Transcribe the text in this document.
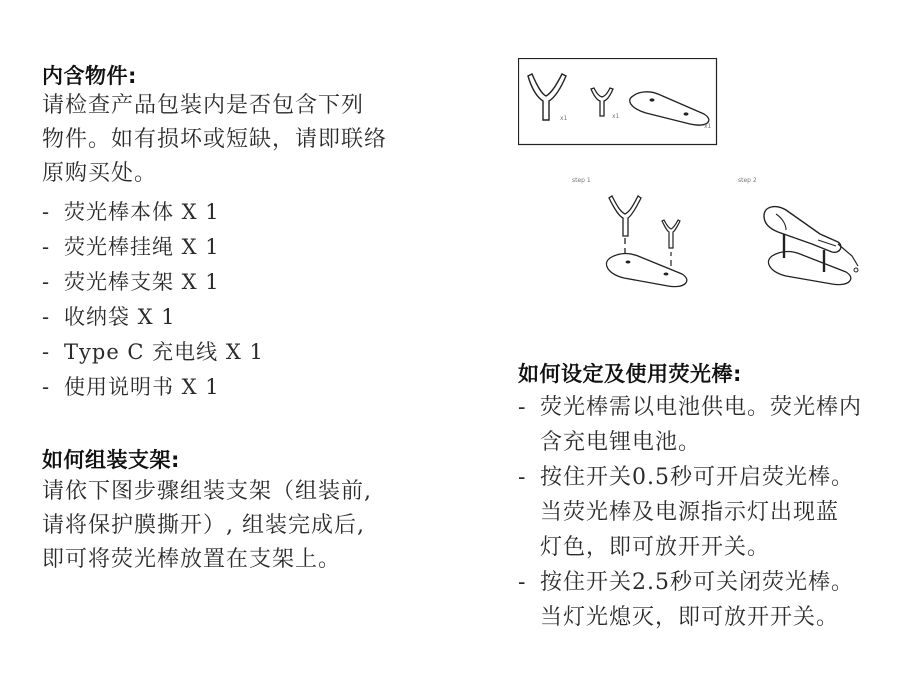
内含物件:
请检查产品包装内是否包含下列
物件。如有损坏或短缺，请即联络
原购买处。
- 荧光棒本体 X 1
- 荧光棒挂绳 X 1
- 荧光棒支架 X 1
- 收纳袋 X 1
- Type C 充电线 X 1
- 使用说明书 X 1
如何组装支架:
请依下图步骤组装支架（组装前,
请将保护膜撕开）, 组装完成后,
即可将荧光棒放置在支架上。
x1	x1
x1
step 1	step 2
如何设定及使用荧光棒:
- 荧光棒需以电池供电。荧光棒内
含充电锂电池。
- 按住开关0.5秒可开启荧光棒。
当荧光棒及电源指示灯出现蓝
灯色，即可放开开关。
- 按住开关2.5秒可关闭荧光棒。
当灯光熄灭，即可放开开关。
